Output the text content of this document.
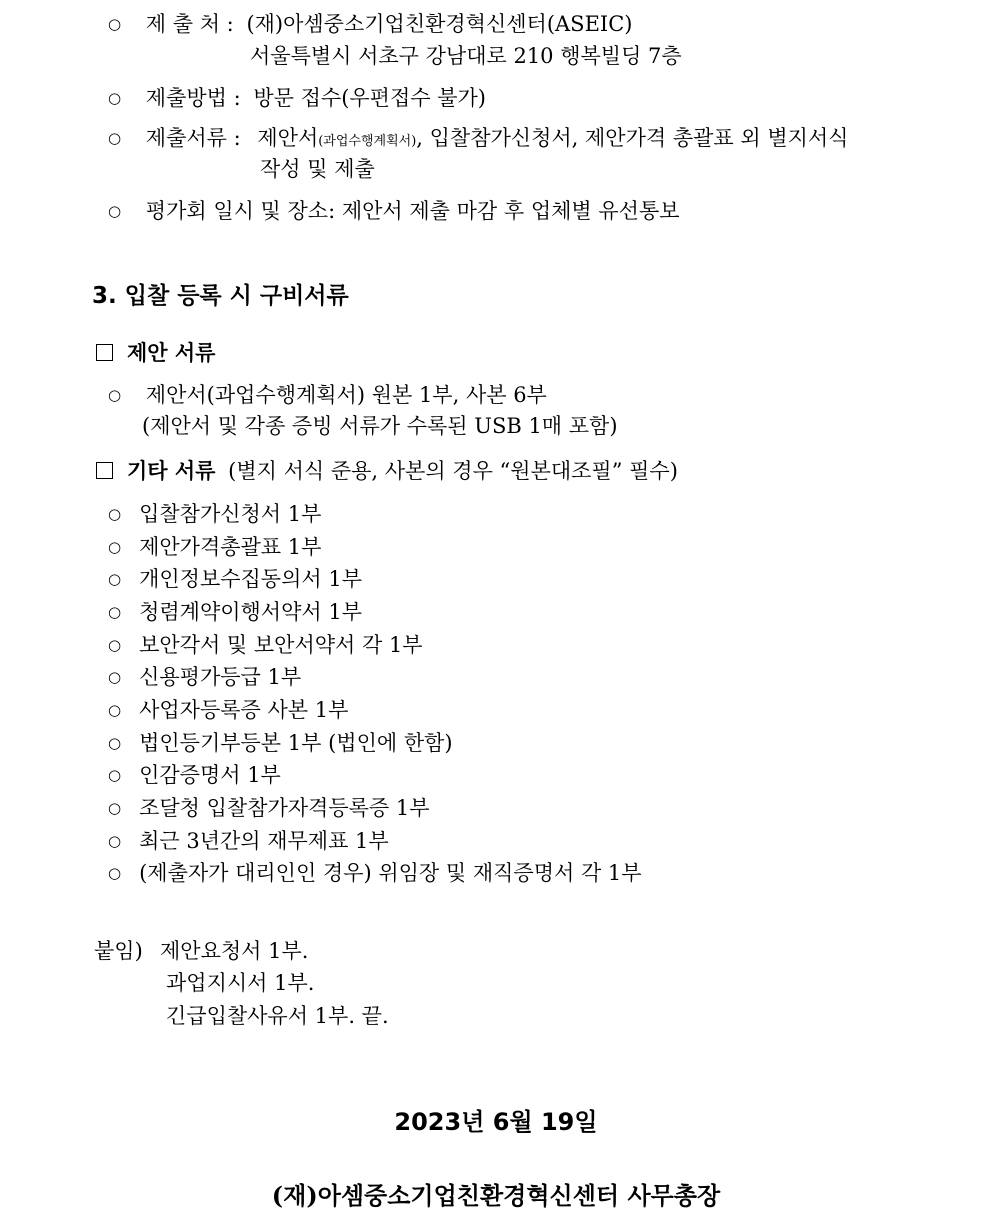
○ 제 출 처 : (재)아셈중소기업친환경혁신센터(ASEIC)
서울특별시 서초구 강남대로 210 행복빌딩 7층
○ 제출방법 : 방문 접수(우편접수 불가)
○ 제출서류 : 제안서(과업수행계획서), 입찰참가신청서, 제안가격 총괄표 외 별지서식
작성 및 제출
○ 평가회 일시 및 장소: 제안서 제출 마감 후 업체별 유선통보
3. 입찰 등록 시 구비서류
제안 서류
○ 제안서(과업수행계획서) 원본 1부, 사본 6부
(제안서 및 각종 증빙 서류가 수록된 USB 1매 포함)
기타 서류 (별지 서식 준용, 사본의 경우 “원본대조필” 필수)
○ 입찰참가신청서 1부
○ 제안가격총괄표 1부
○ 개인정보수집동의서 1부
○ 청렴계약이행서약서 1부
○ 보안각서 및 보안서약서 각 1부
○ 신용평가등급 1부
○ 사업자등록증 사본 1부
○ 법인등기부등본 1부 (법인에 한함)
○ 인감증명서 1부
○ 조달청 입찰참가자격등록증 1부
○ 최근 3년간의 재무제표 1부
○ (제출자가 대리인인 경우) 위임장 및 재직증명서 각 1부
붙임) 제안요청서 1부.
과업지시서 1부.
긴급입찰사유서 1부. 끝.
2023년 6월 19일
(재)아셈중소기업친환경혁신센터 사무총장
